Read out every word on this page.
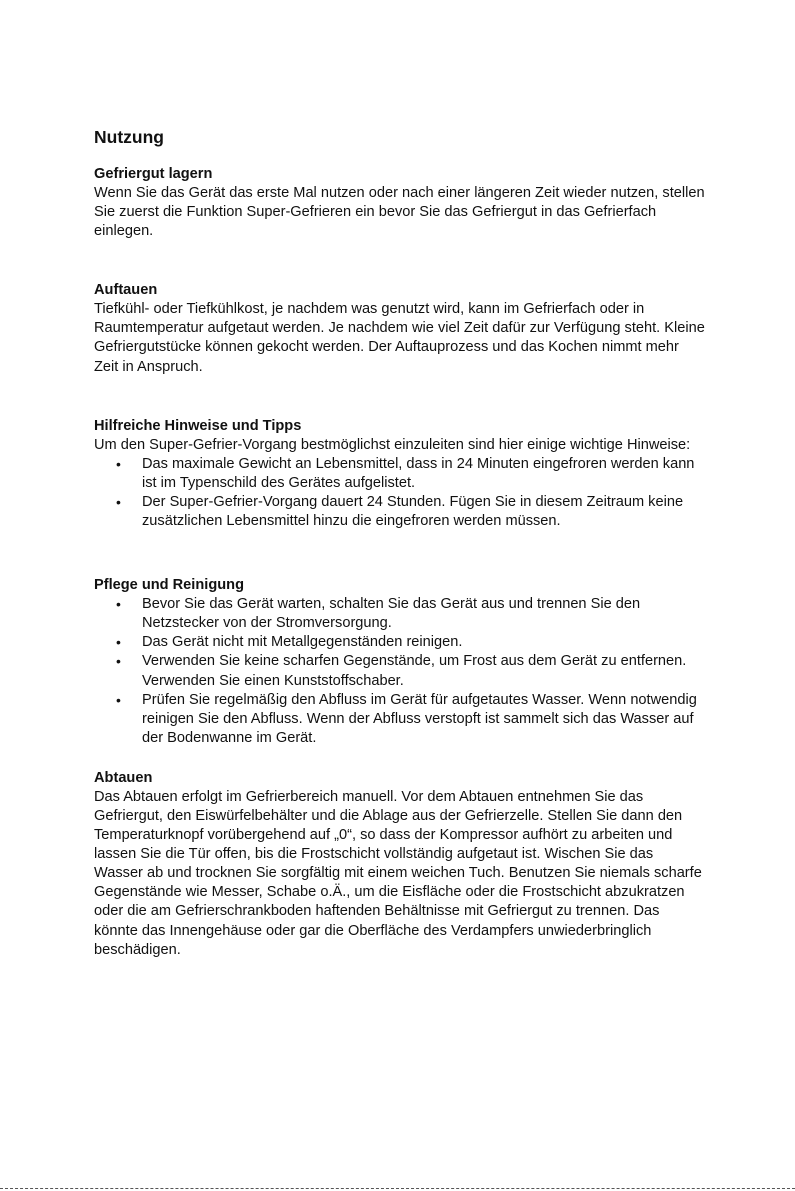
Nutzung
Gefriergut lagern

Wenn Sie das Gerät das erste Mal nutzen oder nach einer längeren Zeit wieder nutzen, stellen Sie zuerst die Funktion Super-Gefrieren ein bevor Sie das Gefriergut in das Gefrierfach einlegen.

Auftauen

Tiefkühl- oder Tiefkühlkost, je nachdem was genutzt wird, kann im Gefrierfach oder in Raumtemperatur aufgetaut werden. Je nachdem wie viel Zeit dafür zur Verfügung steht. Kleine Gefriergutstücke können gekocht werden. Der Auftauprozess und das Kochen nimmt mehr Zeit in Anspruch.

Hilfreiche Hinweise und Tipps

Um den Super-Gefrier-Vorgang bestmöglichst einzuleiten sind hier einige wichtige Hinweise:

• Das maximale Gewicht an Lebensmittel, dass in 24 Minuten eingefroren werden kann ist im Typenschild des Gerätes aufgelistet.
• Der Super-Gefrier-Vorgang dauert 24 Stunden. Fügen Sie in diesem Zeitraum keine zusätzlichen Lebensmittel hinzu die eingefroren werden müssen.
Pflege und Reinigung
• Bevor Sie das Gerät warten, schalten Sie das Gerät aus und trennen Sie den Netzstecker von der Stromversorgung.
• Das Gerät nicht mit Metallgegenständen reinigen.
• Verwenden Sie keine scharfen Gegenstände, um Frost aus dem Gerät zu entfernen. Verwenden Sie einen Kunststoffschaber.
• Prüfen Sie regelmäßig den Abfluss im Gerät für aufgetautes Wasser. Wenn notwendig reinigen Sie den Abfluss. Wenn der Abfluss verstopft ist sammelt sich das Wasser auf der Bodenwanne im Gerät.
Abtauen

Das Abtauen erfolgt im Gefrierbereich manuell. Vor dem Abtauen entnehmen Sie das Gefriergut, den Eiswürfelbehälter und die Ablage aus der Gefrierzelle. Stellen Sie dann den Temperaturknopf vorübergehend auf „0“, so dass der Kompressor aufhört zu arbeiten und lassen Sie die Tür offen, bis die Frostschicht vollständig aufgetaut ist. Wischen Sie das Wasser ab und trocknen Sie sorgfältig mit einem weichen Tuch. Benutzen Sie niemals scharfe Gegenstände wie Messer, Schabe o.Ä., um die Eisfläche oder die Frostschicht abzukratzen oder die am Gefrierschrankboden haftenden Behältnisse mit Gefriergut zu trennen. Das könnte das Innengehäuse oder gar die Oberfläche des Verdampfers unwiederbringlich beschädigen.
